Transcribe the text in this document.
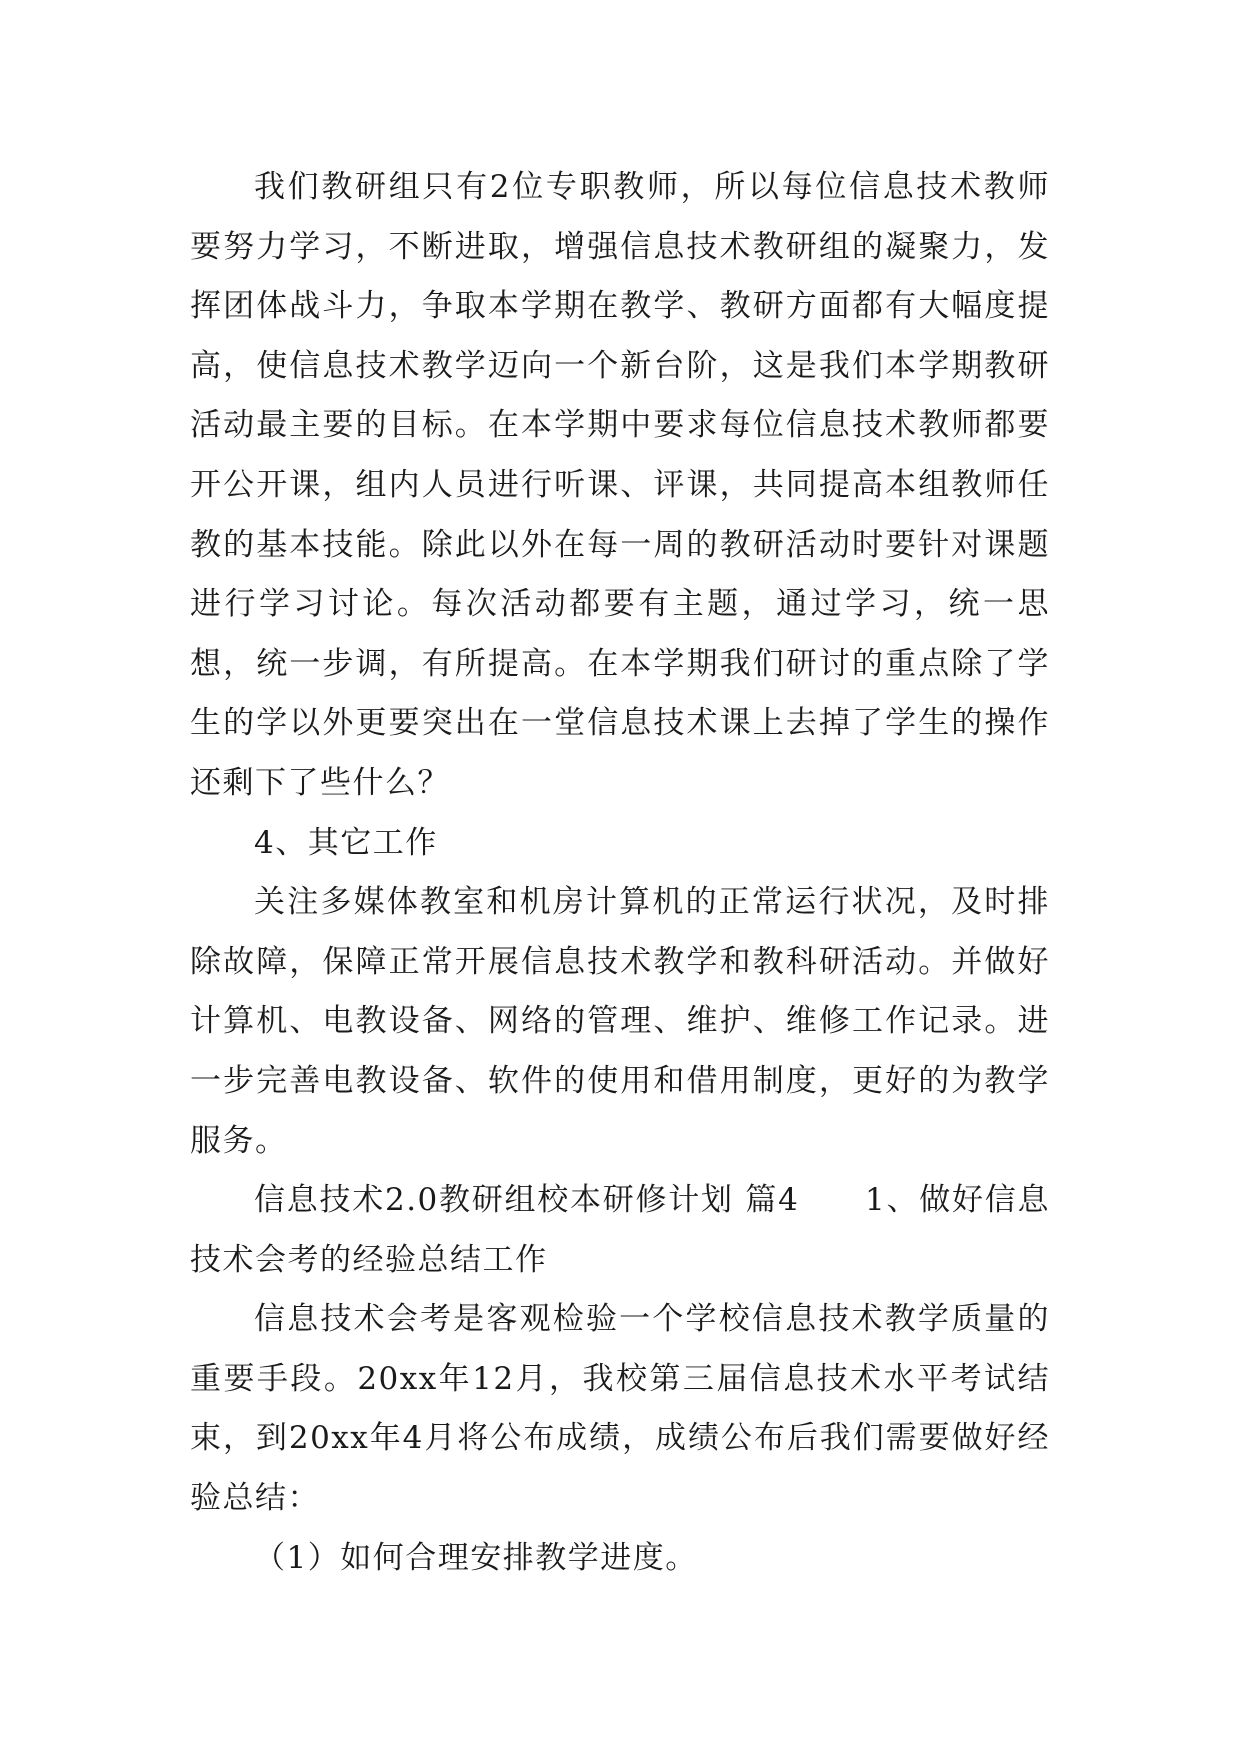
我们教研组只有2位专职教师，所以每位信息技术教师要努力学习，不断进取，增强信息技术教研组的凝聚力，发挥团体战斗力，争取本学期在教学、教研方面都有大幅度提高，使信息技术教学迈向一个新台阶，这是我们本学期教研活动最主要的目标。在本学期中要求每位信息技术教师都要开公开课，组内人员进行听课、评课，共同提高本组教师任教的基本技能。除此以外在每一周的教研活动时要针对课题进行学习讨论。每次活动都要有主题，通过学习，统一思想，统一步调，有所提高。在本学期我们研讨的重点除了学生的学以外更要突出在一堂信息技术课上去掉了学生的操作还剩下了些什么？

4、其它工作

关注多媒体教室和机房计算机的正常运行状况，及时排除故障，保障正常开展信息技术教学和教科研活动。并做好计算机、电教设备、网络的管理、维护、维修工作记录。进一步完善电教设备、软件的使用和借用制度，更好的为教学服务。

信息技术2.0教研组校本研修计划 篇4　　1、做好信息技术会考的经验总结工作

信息技术会考是客观检验一个学校信息技术教学质量的重要手段。20xx年12月，我校第三届信息技术水平考试结束，到20xx年4月将公布成绩，成绩公布后我们需要做好经验总结：

（1）如何合理安排教学进度。
